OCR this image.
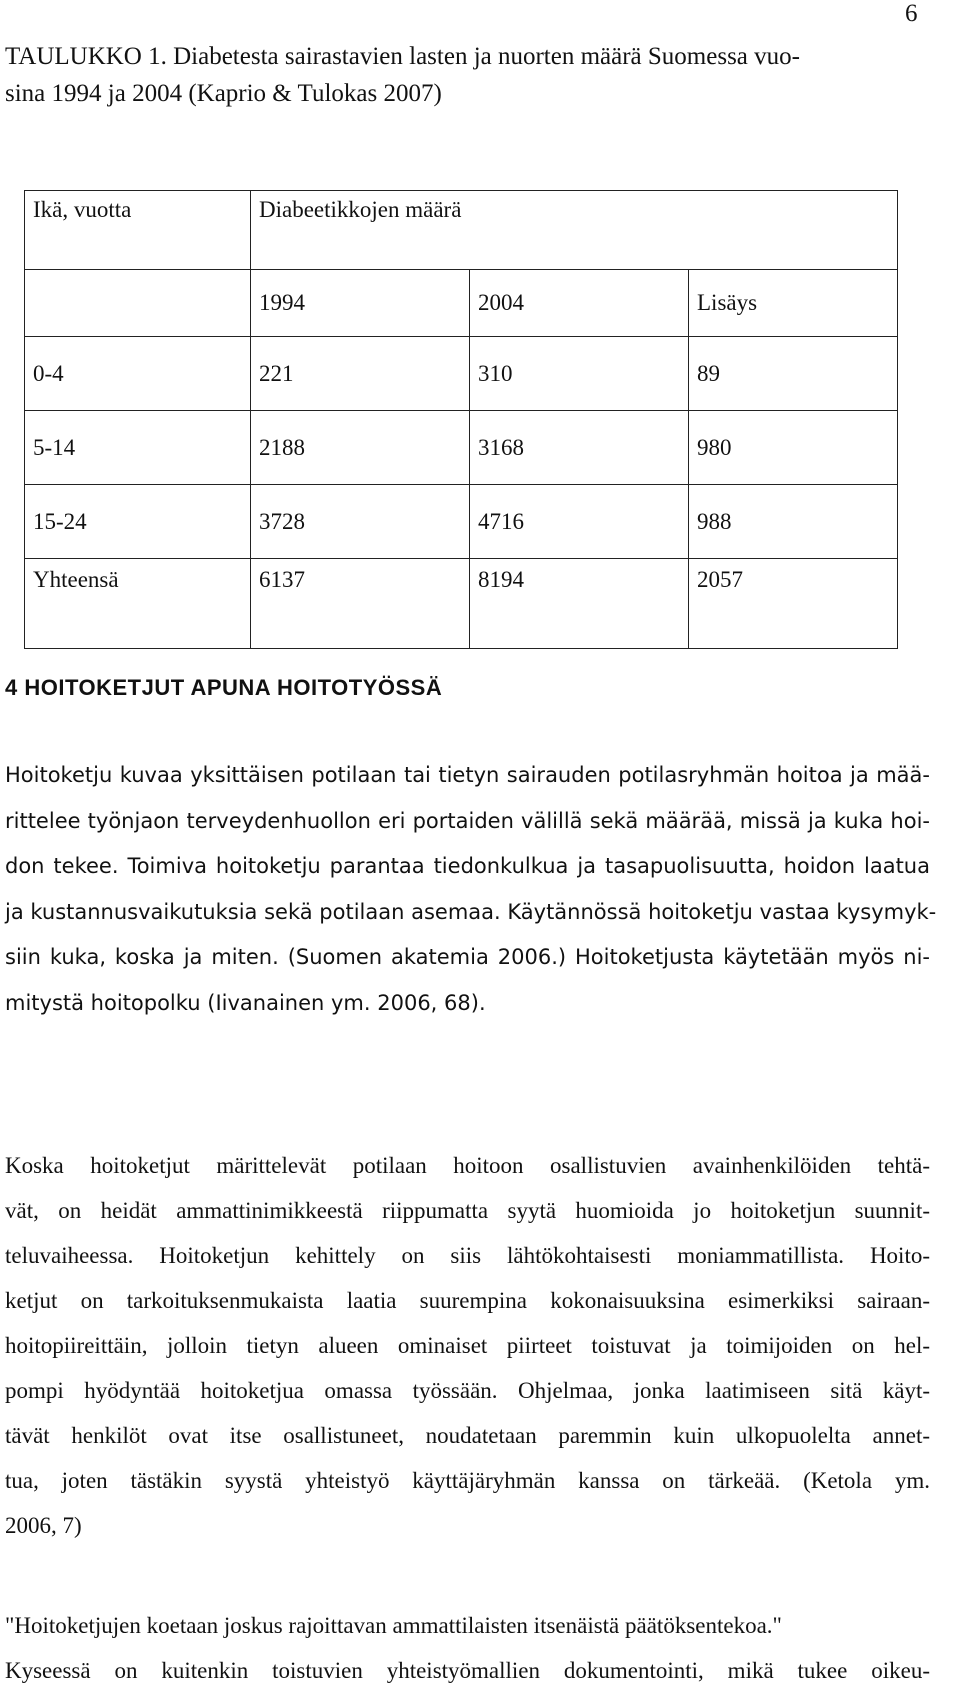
6
TAULUKKO 1. Diabetesta sairastavien lasten ja nuorten määrä Suomessa vuo-
sina 1994 ja 2004 (Kaprio & Tulokas 2007)
Ikä, vuotta	Diabeetikkojen määrä		
	1994	2004	Lisäys
0-4	221	310	89
5-14	2188	3168	980
15-24	3728	4716	988
Yhteensä	6137	8194	2057
4 HOITOKETJUT APUNA HOITOTYÖSSÄ
Hoitoketju kuvaa yksittäisen potilaan tai tietyn sairauden potilasryhmän hoitoa ja mää-
rittelee työnjaon terveydenhuollon eri portaiden välillä sekä määrää, missä ja kuka hoi-
don tekee. Toimiva hoitoketju parantaa tiedonkulkua ja tasapuolisuutta, hoidon laatua
ja kustannusvaikutuksia sekä potilaan asemaa. Käytännössä hoitoketju vastaa kysymyk-
siin kuka, koska ja miten. (Suomen akatemia 2006.) Hoitoketjusta käytetään myös ni-
mitystä hoitopolku (Iivanainen ym. 2006, 68).
Koska hoitoketjut märittelevät potilaan hoitoon osallistuvien avainhenkilöiden tehtä-
vät, on heidät ammattinimikkeestä riippumatta syytä huomioida jo hoitoketjun suunnit-
teluvaiheessa. Hoitoketjun kehittely on siis lähtökohtaisesti moniammatillista. Hoito-
ketjut on tarkoituksenmukaista laatia suurempina kokonaisuuksina esimerkiksi sairaan-
hoitopiireittäin, jolloin tietyn alueen ominaiset piirteet toistuvat ja toimijoiden on hel-
pompi hyödyntää hoitoketjua omassa työssään. Ohjelmaa, jonka laatimiseen sitä käyt-
tävät henkilöt ovat itse osallistuneet, noudatetaan paremmin kuin ulkopuolelta annet-
tua, joten tästäkin syystä yhteistyö käyttäjäryhmän kanssa on tärkeää. (Ketola ym.
2006, 7)
"Hoitoketjujen koetaan joskus rajoittavan ammattilaisten itsenäistä päätöksentekoa."
Kyseessä on kuitenkin toistuvien yhteistyömallien dokumentointi, mikä tukee oikeu-
